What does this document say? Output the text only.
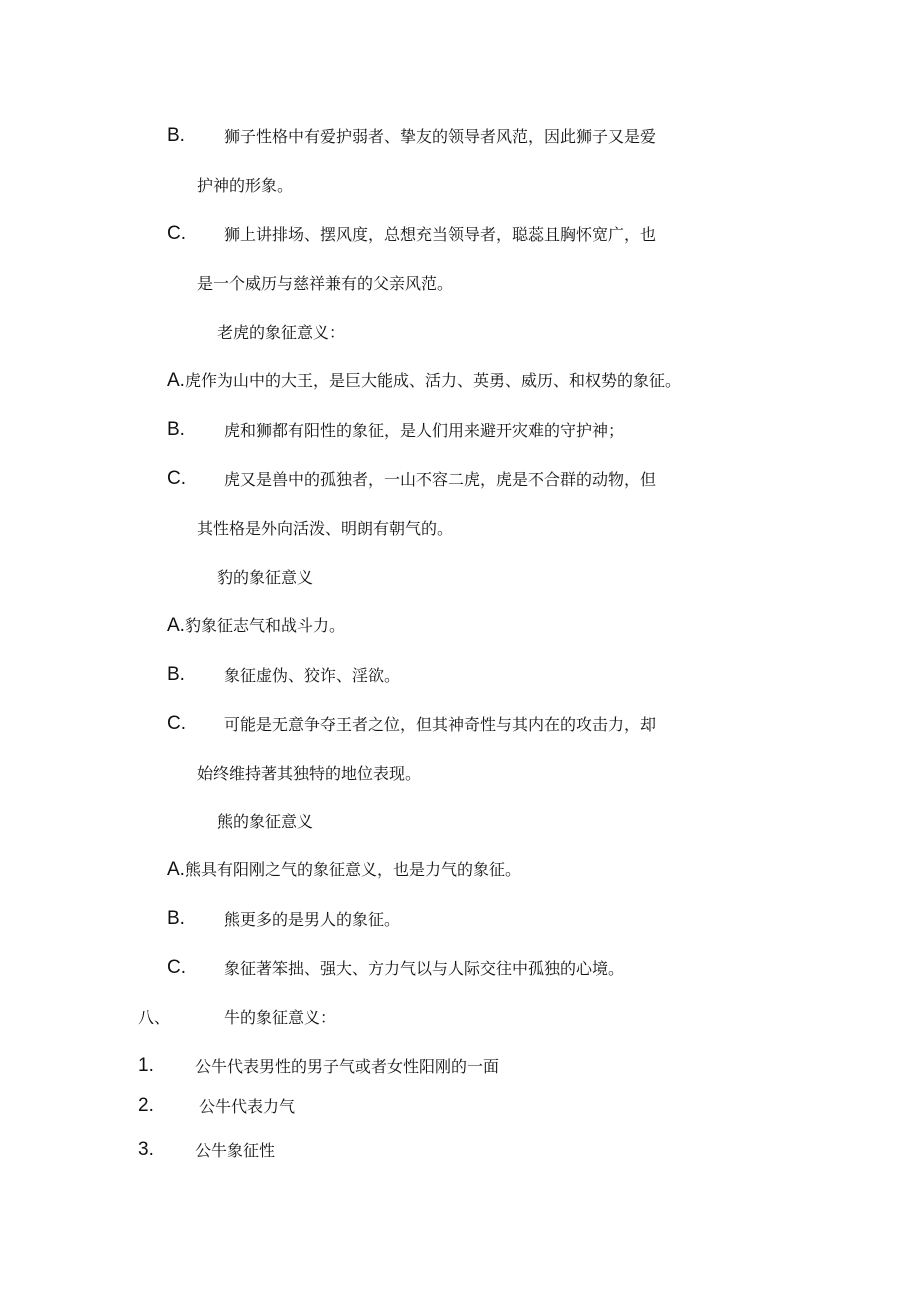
B. 狮子性格中有爱护弱者、挚友的领导者风范，因此狮子又是爱
护神的形象。
C. 狮上讲排场、摆风度，总想充当领导者，聪蕊且胸怀宽广，也
是一个威历与慈祥兼有的父亲风范。
老虎的象征意义：
A.虎作为山中的大王，是巨大能成、活力、英勇、威历、和权势的象征。
B. 虎和狮都有阳性的象征，是人们用来避开灾难的守护神；
C. 虎又是兽中的孤独者，一山不容二虎，虎是不合群的动物，但
其性格是外向活泼、明朗有朝气的。
豹的象征意义
A.豹象征志气和战斗力。
B. 象征虚伪、狡诈、淫欲。
C. 可能是无意争夺王者之位，但其神奇性与其内在的攻击力，却
始终维持著其独特的地位表现。
熊的象征意义
A.熊具有阳刚之气的象征意义，也是力气的象征。
B. 熊更多的是男人的象征。
C. 象征著笨拙、强大、方力气以与人际交往中孤独的心境。
八、	牛的象征意义：
1.	公牛代表男性的男子气或者女性阳刚的一面
2.	公牛代表力气
3.	公牛象征性
